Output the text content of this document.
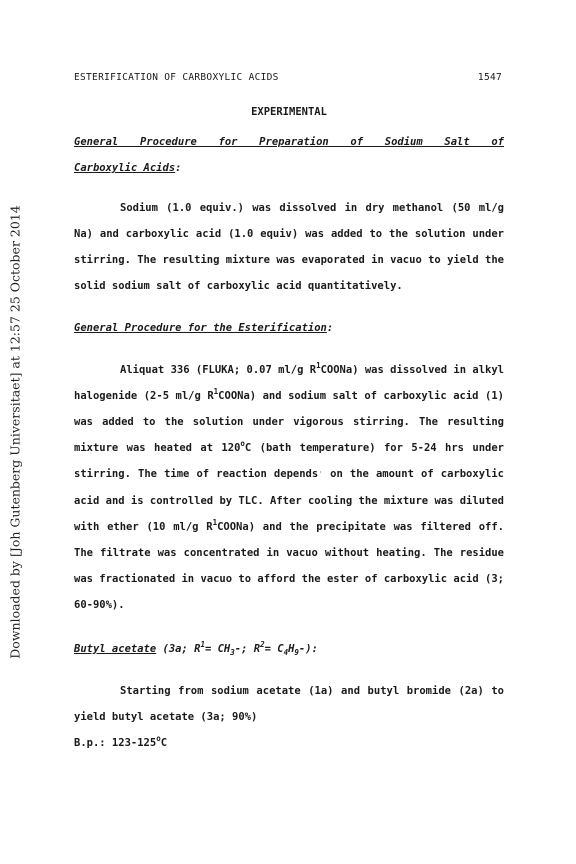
Downloaded by [Joh Gutenberg Universitaet] at 12:57 25 October 2014
ESTERIFICATION OF CARBOXYLIC ACIDS	1547

EXPERIMENTAL

General Procedure for Preparation of Sodium Salt of

Carboxylic Acids:

Sodium (1.0 equiv.) was dissolved in dry methanol (50 ml/g Na) and carboxylic acid (1.0 equiv) was added to the solution under stirring. The resulting mixture was evaporated in vacuo to yield the solid sodium salt of carboxylic acid quantitatively.

General Procedure for the Esterification:

Aliquat 336 (FLUKA; 0.07 ml/g $R^1COONa$) was dissolved in alkyl halogenide (2-5 ml/g $R^1COONa$) and sodium salt of carboxylic acid (1) was added to the solution under vigorous stirring. The resulting mixture was heated at 120$^o$C (bath temperature) for 5-24 hrs under stirring. The time of reaction depends' on the amount of carboxylic acid and is controlled by TLC. After cooling the mixture was diluted with ether (10 ml/g $R^1COONa$) and the precipitate was filtered off. The filtrate was concentrated in vacuo without heating. The residue was fractionated in vacuo to afford the ester of carboxylic acid (3; 60-90%).

Butyl acetate (3a; $R^1= CH_3-$; $R^2= C_4H_9-$):

Starting from sodium acetate (1a) and butyl bromide (2a) to yield butyl acetate (3a; 90%)

B.p.: 123-125$^o$C
